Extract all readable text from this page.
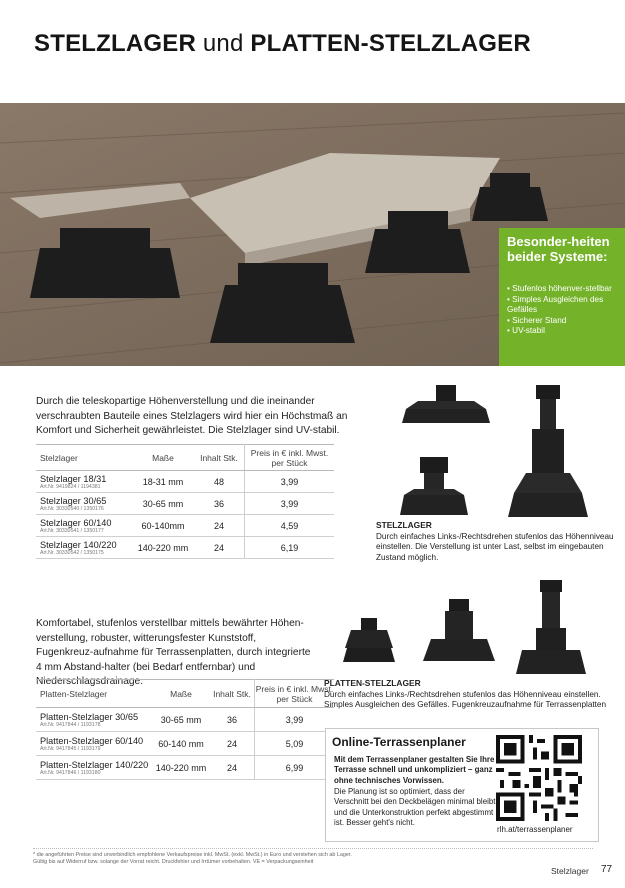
STELZLAGER und PLATTEN-STELZLAGER
Besonder-heiten beider Systeme:
• Stufenlos höhenver-stellbar
• Simples Ausgleichen des Gefälles
• Sicherer Stand
• UV-stabil
Durch die teleskopartige Höhenverstellung und die ineinander verschraubten Bauteile eines Stelzlagers wird hier ein Höchstmaß an Komfort und Sicherheit gewährleistet. Die Stelzlager sind UV-stabil.
Stelzlager	Maße	Inhalt Stk.	Preis in € inkl. Mwst. per Stück

Stelzlager 18/31
Art.Nr. 9419824 / 1194381	18-31 mm	48	3,99

Stelzlager 30/65
Art.Nr. 30330540 / 1350176	30-65 mm	36	3,99

Stelzlager 60/140
Art.Nr. 30330541 / 1350177	60-140mm	24	4,59

Stelzlager 140/220
Art.Nr. 30330542 / 1350175	140-220 mm	24	6,19
STELZLAGER
Durch einfaches Links-/Rechtsdrehen stufenlos das Höhenniveau einstellen. Die Verstellung ist unter Last, selbst im eingebauten Zustand möglich.
Komfortabel, stufenlos verstellbar mittels bewährter Höhen-verstellung, robuster, witterungsfester Kunststoff, Fugenkreuz-aufnahme für Terrassenplatten, durch integrierte 4 mm Abstand-halter (bei Bedarf entfernbar) und Niederschlagsdrainage.
Platten-Stelzlager	Maße	Inhalt Stk.	Preis in € inkl. Mwst. per Stück

Platten-Stelzlager 30/65
Art.Nr. 9417844 / 1193178	30-65 mm	36	3,99

Platten-Stelzlager 60/140
Art.Nr. 9417845 / 1193179	60-140 mm	24	5,09

Platten-Stelzlager 140/220
Art.Nr. 9417846 / 1193180	140-220 mm	24	6,99
PLATTEN-STELZLAGER
Durch einfaches Links-/Rechtsdrehen stufenlos das Höhenniveau einstellen. Simples Ausgleichen des Gefälles. Fugenkreuzaufnahme für Terrassenplatten
Online-Terrassenplaner
Mit dem Terrassenplaner gestalten Sie Ihre Terrasse schnell und unkompliziert – ganz ohne technisches Vorwissen.
Die Planung ist so optimiert, dass der Verschnitt bei den Deckbelägen minimal bleibt und die Unterkonstruktion perfekt abgestimmt ist. Besser geht's nicht.
rlh.at/terrassenplaner
* die angeführten Preise sind unverbindlich empfohlene Verkaufspreise inkl. MwSt. (exkl. MwSt.) in Euro und verstehen sich ab Lager.
Gültig bis auf Widerruf bzw. solange der Vorrat reicht. Druckfehler und Irrtümer vorbehalten. VE = Verpackungseinheit
Stelzlager 77
